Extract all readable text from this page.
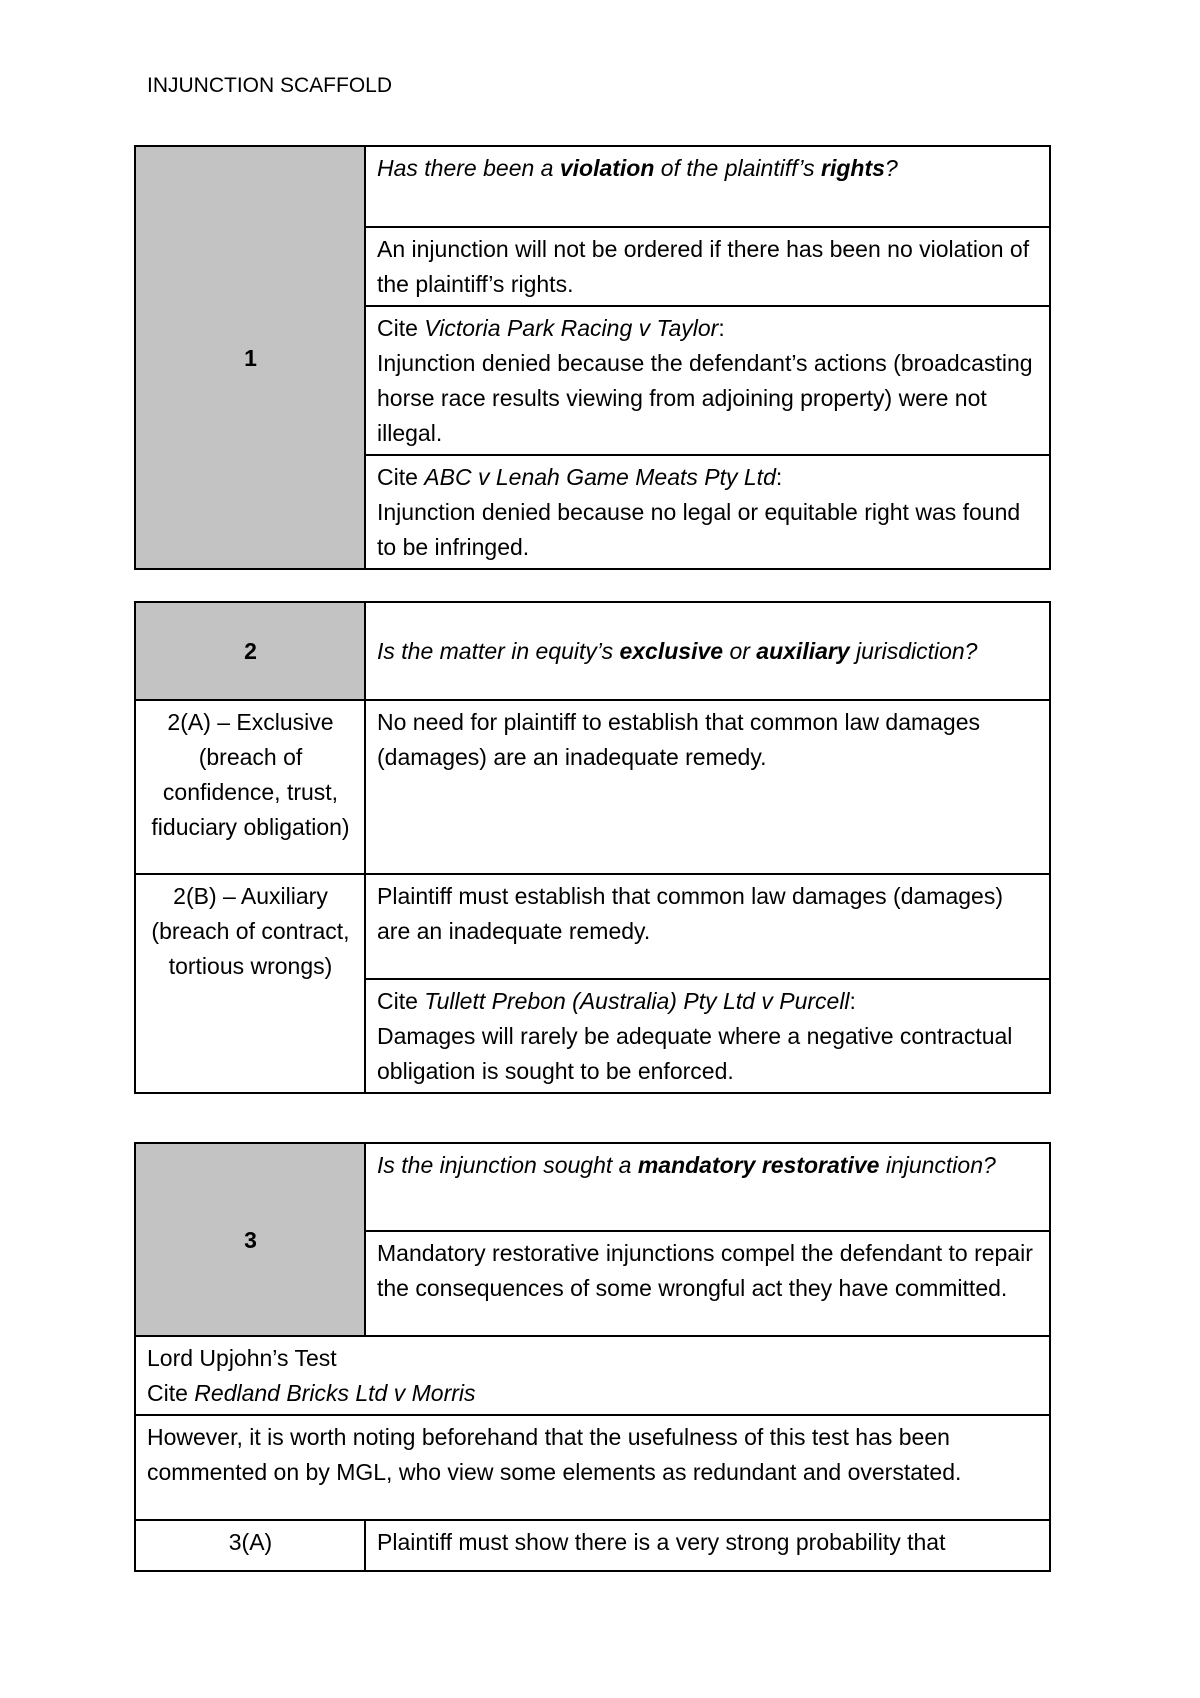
INJUNCTION SCAFFOLD
1	Has there been a violation of the plaintiff’s rights?
An injunction will not be ordered if there has been no violation of the plaintiff’s rights.
Cite Victoria Park Racing v Taylor:
Injunction denied because the defendant’s actions (broadcasting horse race results viewing from adjoining property) were not illegal.
Cite ABC v Lenah Game Meats Pty Ltd:
Injunction denied because no legal or equitable right was found to be infringed.
2	Is the matter in equity’s exclusive or auxiliary jurisdiction?
2(A) – Exclusive (breach of confidence, trust, fiduciary obligation)	No need for plaintiff to establish that common law damages (damages) are an inadequate remedy.
2(B) – Auxiliary (breach of contract, tortious wrongs)	Plaintiff must establish that common law damages (damages) are an inadequate remedy.
	Cite Tullett Prebon (Australia) Pty Ltd v Purcell:
Damages will rarely be adequate where a negative contractual obligation is sought to be enforced.
3	Is the injunction sought a mandatory restorative injunction?
	Mandatory restorative injunctions compel the defendant to repair the consequences of some wrongful act they have committed.
Lord Upjohn’s Test
Cite Redland Bricks Ltd v Morris	
However, it is worth noting beforehand that the usefulness of this test has been commented on by MGL, who view some elements as redundant and overstated.	
3(A)	Plaintiff must show there is a very strong probability that
